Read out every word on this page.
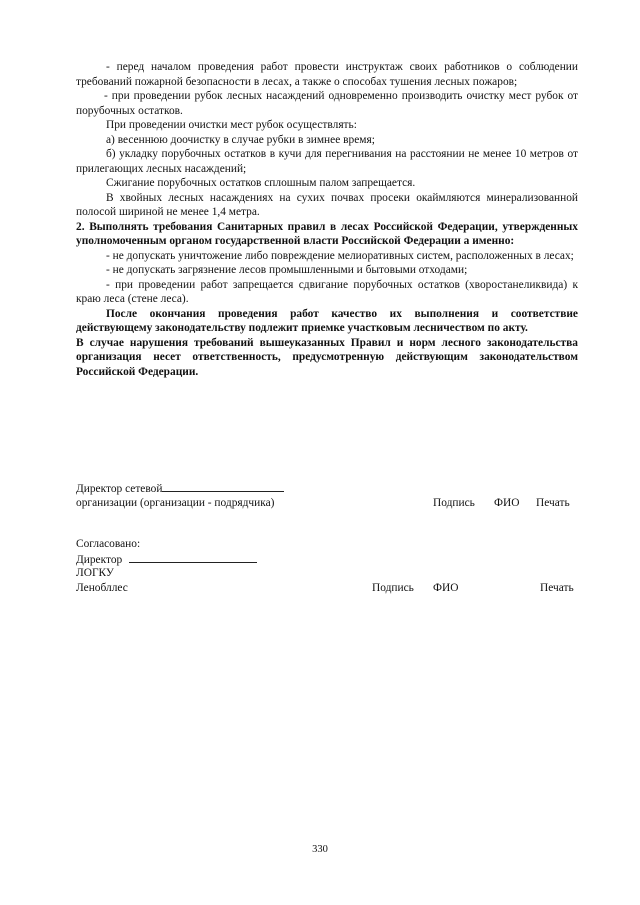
- перед началом проведения работ провести инструктаж своих работников о соблюдении требований пожарной безопасности в лесах, а также о способах тушения лесных пожаров;

- при проведении рубок лесных насаждений одновременно производить очистку мест рубок от порубочных остатков.

При проведении очистки мест рубок осуществлять:

а) весеннюю доочистку в случае рубки в зимнее время;

б) укладку порубочных остатков в кучи для перегнивания на расстоянии не менее 10 метров от прилегающих лесных насаждений;

Сжигание порубочных остатков сплошным палом запрещается.

В хвойных лесных насаждениях на сухих почвах просеки окаймляются минерализованной полосой шириной не менее 1,4 метра.

2. Выполнять требования Санитарных правил в лесах Российской Федерации, утвержденных уполномоченным органом государственной власти Российской Федерации а именно:

- не допускать уничтожение либо повреждение мелиоративных систем, расположенных в лесах;

- не допускать загрязнение лесов промышленными и бытовыми отходами;

- при проведении работ запрещается сдвигание порубочных остатков (хворостанеликвида) к краю леса (стене леса).

После окончания проведения работ качество их выполнения и соответствие действующему законодательству подлежит приемке участковым лесничеством по акту.

В случае нарушения требований вышеуказанных Правил и норм лесного законодательства организация несет ответственность, предусмотренную действующим законодательством Российской Федерации.

Директор сетевой
организации (организации - подрядчика)	Подпись ФИО Печать
Согласовано:
Директор
ЛОГКУ
Ленобллес	Подпись ФИО	Печать
330
